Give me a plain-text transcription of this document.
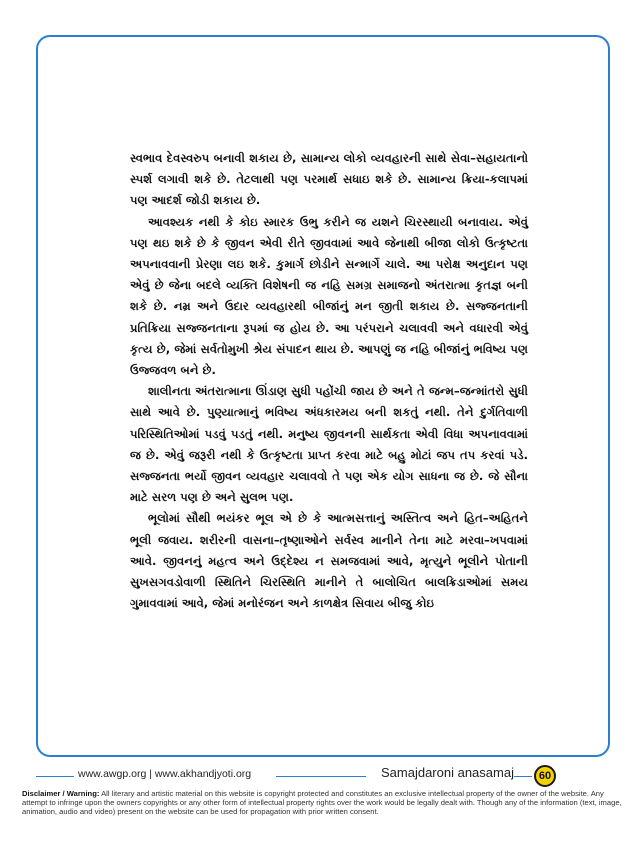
સ્વભાવ દેવસ્વરુપ બનાવી શકાય છે, સામાન્ય લોકો વ્યવહારની સાથે સેવા–સહાયતાનો સ્પર્શ લગાવી શકે છે. તેટલાથી પણ પરમાર્થ સધાઇ શકે છે. સામાન્ય ક્રિયા-કલાપમાં પણ આદર્શ જોડી શકાય છે.

આવશ્યક નથી કે કોઇ સ્મારક ઉભુ કરીને જ યશને ચિરસ્થાયી બનાવાય. એવું પણ થઇ શકે છે કે જીવન એવી રીતે જીવવામાં આવે જેનાથી બીજા લોકો ઉત્કૃષ્ટતા અપનાવવાની પ્રેરણા લઇ શકે. કુમાર્ગ છોડીને સન્માર્ગે ચાલે. આ પરોક્ષ અનુદાન પણ એવું છે જેના બદલે વ્યક્તિ વિશેષની જ નહિ સમગ્ર સમાજનો અંતરાત્મા કૃતજ્ઞ બની શકે છે. નમ્ર અને ઉદાર વ્યવહારથી બીજાંનું મન જીતી શકાય છે. સજ્જનતાની પ્રતિક્રિયા સજ્જનતાના રૂપમાં જ હોય છે. આ પરંપરાને ચલાવવી અને વધારવી એવું કૃત્ય છે, જેમાં સર્વતોમુખી શ્રેય સંપાદન થાય છે. આપણું જ નહિ બીજાંનું ભવિષ્ય પણ ઉજ્જવળ બને છે.

શાલીનતા અંતરાત્માના ઊંડાણ સુધી પહોંચી જાય છે અને તે જન્મ–જન્માંતરો સુધી સાથે આવે છે. પુણ્યાત્માનું ભવિષ્ય અંધકારમય બની શકતું નથી. તેને દુર્ગતિવાળી પરિસ્થિતિઓમાં પડવું પડતું નથી. મનુષ્ય જીવનની સાર્થકતા એવી વિધા અપનાવવામાં જ છે. એવું જરૂરી નથી કે ઉત્કૃષ્ટતા પ્રાપ્ત કરવા માટે બહુ મોટાં જપ તપ કરવાં પડે. સજ્જનતા ભર્યો જીવન વ્યવહાર ચલાવવો તે પણ એક યોગ સાધના જ છે. જે સૌના માટે સરળ પણ છે અને સુલભ પણ.

ભૂલોમાં સૌથી ભયંકર ભૂલ એ છે કે આત્મસત્તાનું અસ્તિત્વ અને હિત–અહિતને ભૂલી જવાય. શરીરની વાસના–તૃષ્ણાઓને સર્વસ્વ માનીને તેના માટે મરવા–ખપવામાં આવે. જીવનનું મહત્વ અને ઉદ્દેશ્ય ન સમજવામાં આવે, મૃત્યુને ભૂલીને પોતાની સુખસગવડોવાળી સ્થિતિને ચિરસ્થિતિ માનીને તે બાલોચિત બાલક્રિડાઓમાં સમય ગુમાવવામાં આવે, જેમાં મનોરંજન અને કાળક્ષેત્ર સિવાય બીજુ કોઇ

www.awgp.org | www.akhandjyoti.org	Samajdaroni anasamaj	60
Disclaimer / Warning: All literary and artistic material on this website is copyright protected and constitutes an exclusive intellectual property of the owner of the website. Any attempt to infringe upon the owners copyrights or any other form of intellectual property rights over the work would be legally dealt with. Though any of the information (text, image, animation, audio and video) present on the website can be used for propagation with prior written consent.
